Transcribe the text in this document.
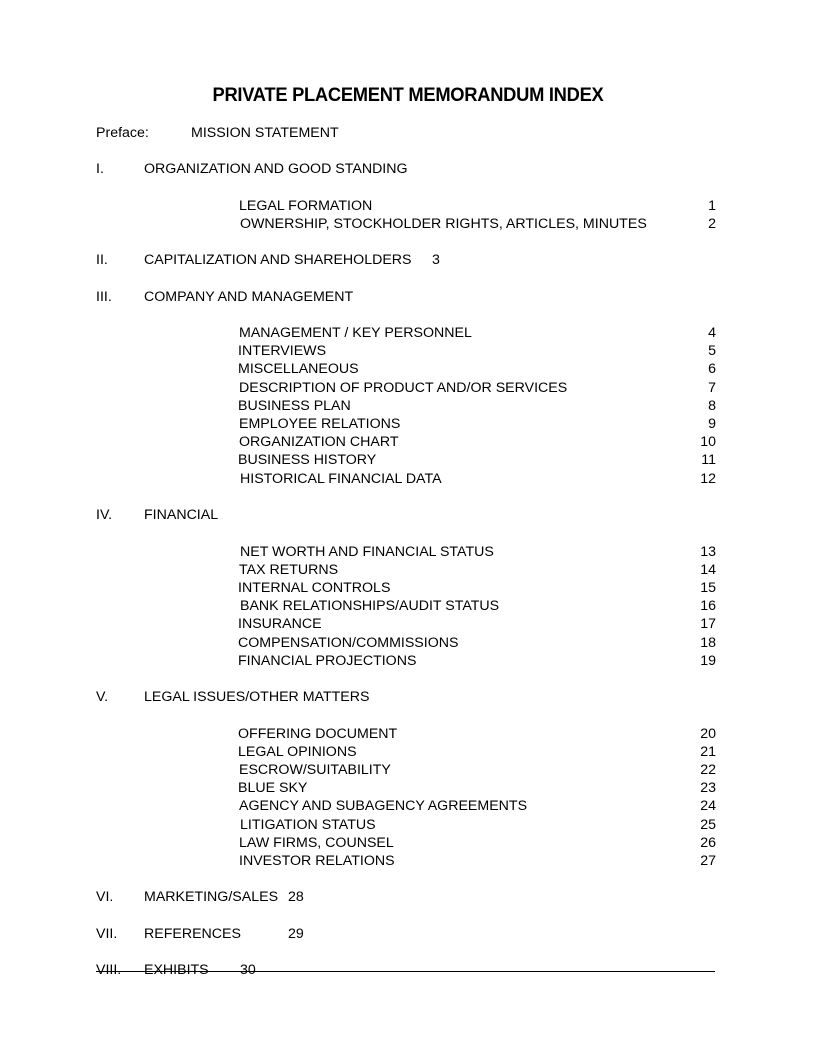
PRIVATE PLACEMENT MEMORANDUM INDEX
Preface:	MISSION STATEMENT
I.	ORGANIZATION AND GOOD STANDING
LEGAL FORMATION	1
OWNERSHIP, STOCKHOLDER RIGHTS, ARTICLES, MINUTES	2
II.	CAPITALIZATION AND SHAREHOLDERS 3
III. COMPANY AND MANAGEMENT
MANAGEMENT / KEY PERSONNEL	4
INTERVIEWS	5
MISCELLANEOUS	6
DESCRIPTION OF PRODUCT AND/OR SERVICES	7
BUSINESS PLAN	8
EMPLOYEE RELATIONS	9
ORGANIZATION CHART	10
BUSINESS HISTORY	11
HISTORICAL FINANCIAL DATA	12
IV. FINANCIAL
NET WORTH AND FINANCIAL STATUS	13
TAX RETURNS	14
INTERNAL CONTROLS	15
BANK RELATIONSHIPS/AUDIT STATUS	16
INSURANCE	17
COMPENSATION/COMMISSIONS	18
FINANCIAL PROJECTIONS	19
V.	LEGAL ISSUES/OTHER MATTERS
OFFERING DOCUMENT	20
LEGAL OPINIONS	21
ESCROW/SUITABILITY	22
BLUE SKY	23
AGENCY AND SUBAGENCY AGREEMENTS	24
LITIGATION STATUS	25
LAW FIRMS, COUNSEL	26
INVESTOR RELATIONS	27
VI. MARKETING/SALES 28
VII. REFERENCES	29
VIII. EXHIBITS 30
